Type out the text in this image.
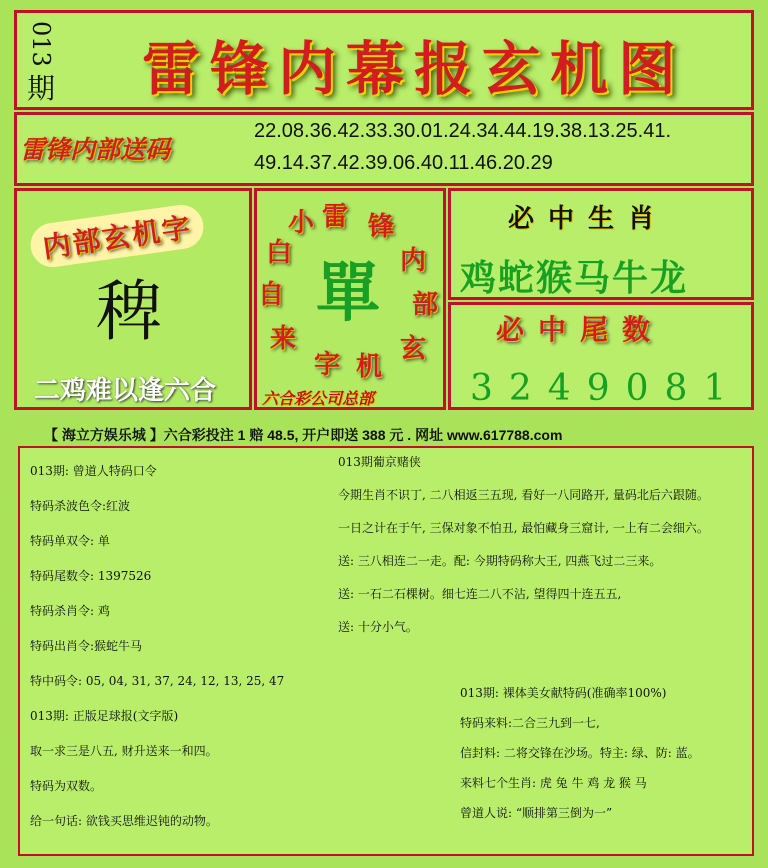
013
期	雷锋内幕报玄机图
雷锋内部送码
22.08.36.42.33.30.01.24.34.44.19.38.13.25.41.
49.14.37.42.39.06.40.11.46.20.29
内部玄机字
稗
二鸡难以逢六合
雷 锋
内
部
玄
机
字
来
自
白
小
單
六合彩公司总部
必中生肖
鸡蛇猴马牛龙
必中尾数
3249081
【 海立方娱乐城 】六合彩投注 1 赔 48.5, 开户即送 388 元 . 网址 www.617788.com
013期: 曾道人特码口令
特码杀波色令:红波
特码单双令: 单
特码尾数令: 1397526
特码杀肖令: 鸡
特码出肖令:猴蛇牛马
特中码令: 05, 04, 31, 37, 24, 12, 13, 25, 47
013期: 正版足球报(文字版)
取一求三是八五, 财升送来一和四。
特码为双数。
给一句话: 欲钱买思维迟钝的动物。
013期葡京赌侠
今期生肖不识丁, 二八相返三五现, 看好一八同路开, 量码北后六跟随。
一日之计在于午, 三保对象不怕丑, 最怕藏身三窟计, 一上有二会细六。
送: 三八相连二一走。配: 今期特码称大王, 四燕飞过二三来。
送: 一石二石棵树。细七连二八不沾, 望得四十连五五,
送: 十分小气。
013期: 裸体美女献特码(准确率100%)
特码来料:二合三九到一七,
信封料: 二将交锋在沙场。特主: 绿、防: 蓝。
来料七个生肖: 虎 兔 牛 鸡 龙 猴 马
曾道人说: “顺排第三倒为一”
